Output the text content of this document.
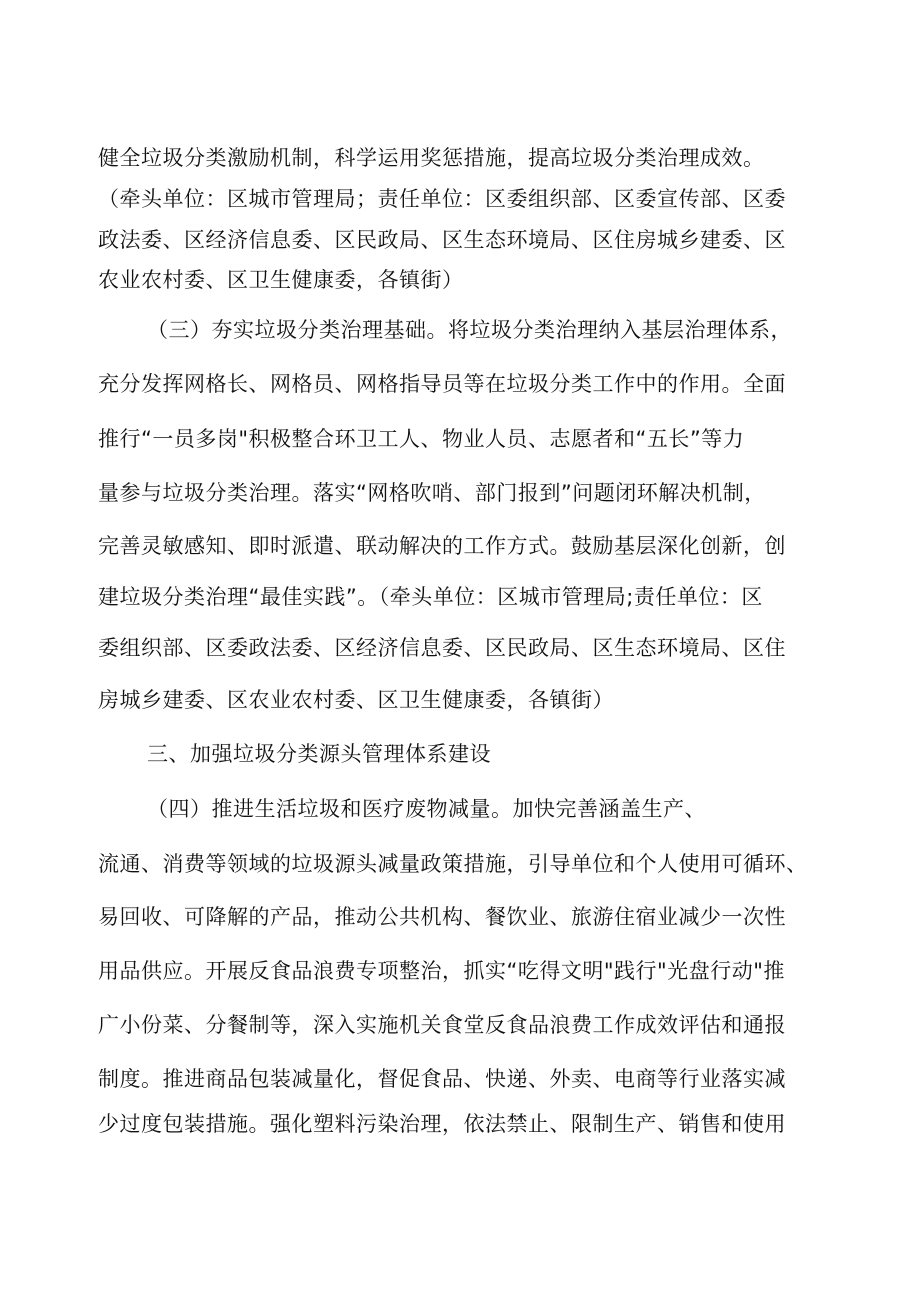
健全垃圾分类激励机制，科学运用奖惩措施，提高垃圾分类治理成效。
（牵头单位：区城市管理局；责任单位：区委组织部、区委宣传部、区委
政法委、区经济信息委、区民政局、区生态环境局、区住房城乡建委、区
农业农村委、区卫生健康委，各镇街）
（三）夯实垃圾分类治理基础。将垃圾分类治理纳入基层治理体系，
充分发挥网格长、网格员、网格指导员等在垃圾分类工作中的作用。全面
推行“一员多岗"积极整合环卫工人、物业人员、志愿者和“五长”等力
量参与垃圾分类治理。落实“网格吹哨、部门报到”问题闭环解决机制，
完善灵敏感知、即时派遣、联动解决的工作方式。鼓励基层深化创新，创
建垃圾分类治理“最佳实践”。（牵头单位：区城市管理局;责任单位：区
委组织部、区委政法委、区经济信息委、区民政局、区生态环境局、区住
房城乡建委、区农业农村委、区卫生健康委，各镇街）
三、加强垃圾分类源头管理体系建设
（四）推进生活垃圾和医疗废物减量。加快完善涵盖生产、
流通、消费等领域的垃圾源头减量政策措施，引导单位和个人使用可循环、
易回收、可降解的产品，推动公共机构、餐饮业、旅游住宿业减少一次性
用品供应。开展反食品浪费专项整治，抓实“吃得文明"践行"光盘行动"推
广小份菜、分餐制等，深入实施机关食堂反食品浪费工作成效评估和通报
制度。推进商品包装减量化，督促食品、快递、外卖、电商等行业落实减
少过度包装措施。强化塑料污染治理，依法禁止、限制生产、销售和使用
